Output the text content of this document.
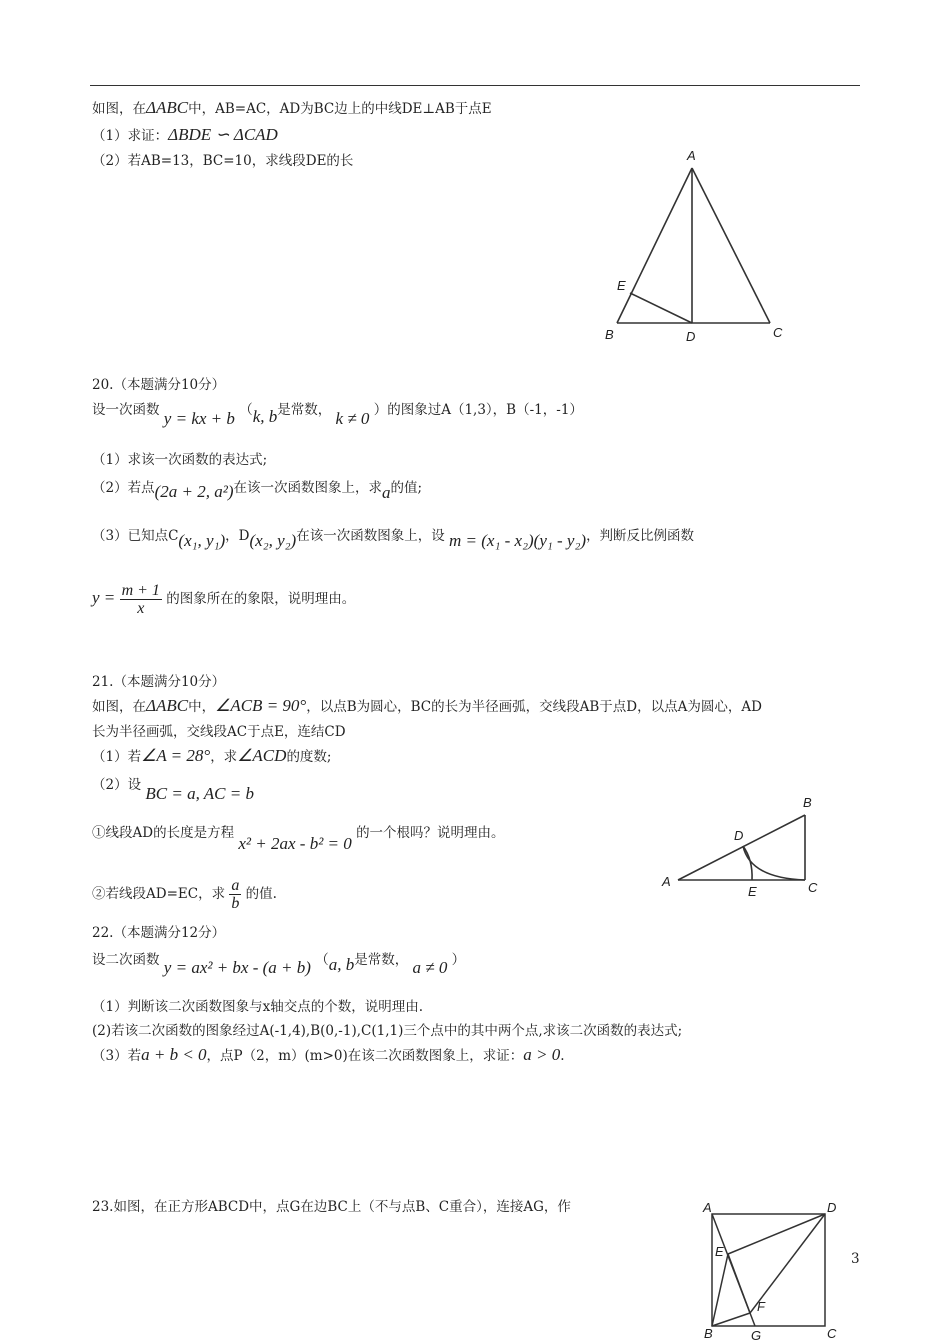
如图，在ΔABC中，AB=AC，AD为BC边上的中线DE⊥AB于点E
（1）求证：ΔBDE ∽ ΔCAD
（2）若AB=13，BC=10，求线段DE的长	A
B	C
D
E
20.（本题满分10分）
设一次函数 y = kx + b （k, b是常数， k ≠ 0 ）的图象过A（1,3），B（-1，-1）
（1）求该一次函数的表达式;
（2）若点(2a + 2, a²)在该一次函数图象上，求a的值;
（3）已知点C(x₁, y₁)，D(x₂, y₂)在该一次函数图象上，设 m = (x₁ - x₂)(y₁ - y₂)，判断反比例函数
$y = \frac{m + 1}{x}$ 的图象所在的象限，说明理由。
21.（本题满分10分）
如图，在ΔABC中，∠ACB = 90°，以点B为圆心，BC的长为半径画弧，交线段AB于点D，以点A为圆心，AD
长为半径画弧，交线段AC于点E，连结CD
（1）若∠A = 28°，求∠ACD的度数;
（2）设 BC = a, AC = b
①线段AD的长度是方程 x² + 2ax - b² = 0 的一个根吗？说明理由。
②若线段AD=EC，求 $\frac{a}{b}$ 的值.
A
B
C
D
E
22.（本题满分12分）
设二次函数 y = ax² + bx - (a + b) （a, b是常数， a ≠ 0 ）
（1）判断该二次函数图象与x轴交点的个数，说明理由.
(2)若该二次函数的图象经过A(-1,4),B(0,-1),C(1,1)三个点中的其中两个点,求该二次函数的表达式;
（3）若a + b < 0，点P（2，m）(m>0)在该二次函数图象上，求证：a > 0.
23.如图，在正方形ABCD中，点G在边BC上（不与点B、C重合），连接AG，作	A
B	C
D
E
F
G
3
